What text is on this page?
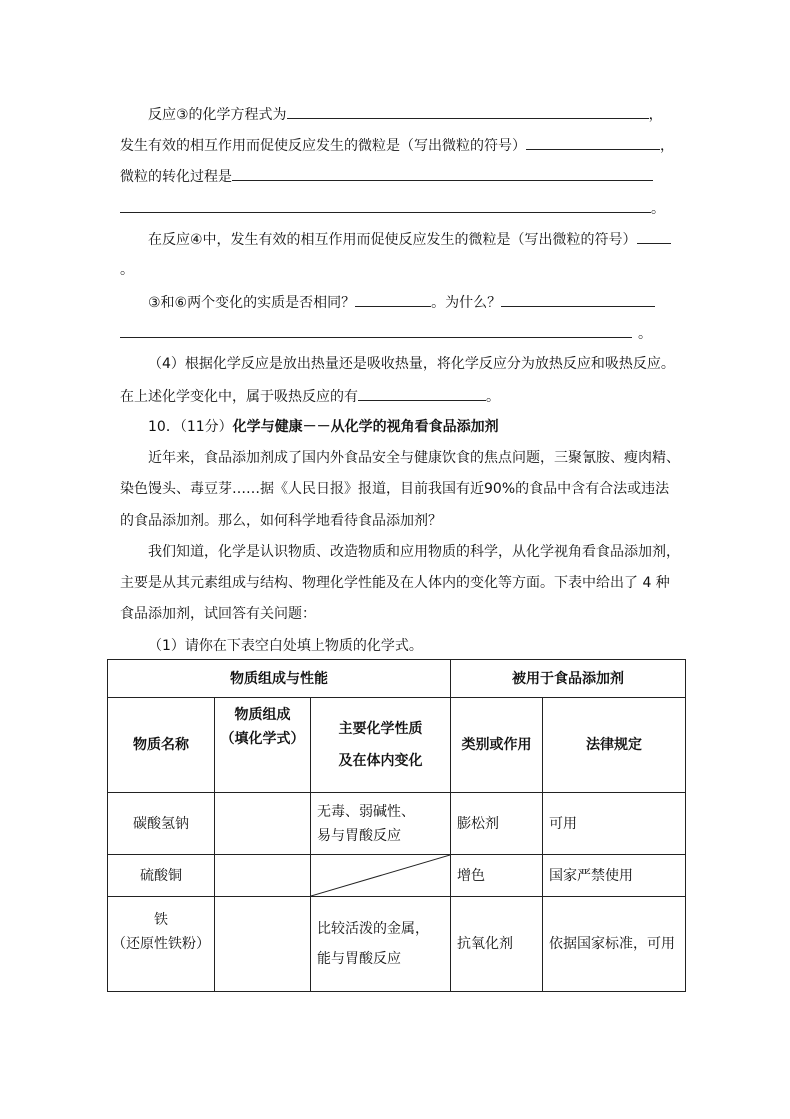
反应③的化学方程式为	，
发生有效的相互作用而促使反应发生的微粒是（写出微粒的符号）	，
微粒的转化过程是
。
在反应④中，发生有效的相互作用而促使反应发生的微粒是（写出微粒的符号）
。
③和⑥两个变化的实质是否相同？	。为什么？
。
（4）根据化学反应是放出热量还是吸收热量，将化学反应分为放热反应和吸热反应。
在上述化学变化中，属于吸热反应的有	。
10．（11分）化学与健康－－从化学的视角看食品添加剂
近年来，食品添加剂成了国内外食品安全与健康饮食的焦点问题，三聚氰胺、瘦肉精、
染色馒头、毒豆芽……据《人民日报》报道，目前我国有近90%的食品中含有合法或违法
的食品添加剂。那么，如何科学地看待食品添加剂？
我们知道，化学是认识物质、改造物质和应用物质的科学，从化学视角看食品添加剂，
主要是从其元素组成与结构、物理化学性能及在人体内的变化等方面。下表中给出了 4 种
食品添加剂，试回答有关问题：
（1）请你在下表空白处填上物质的化学式。
物质组成与性能			被用于食品添加剂	
物质名称	物质组成
（填化学式）	主要化学性质
及在体内变化	类别或作用	法律规定
碳酸氢钠		无毒、弱碱性、
易与胃酸反应	膨松剂	可用
硫酸铜			增色	国家严禁使用

铁
（还原性铁粉）		比较活泼的金属，
能与胃酸反应	抗氧化剂	依据国家标准，可用
